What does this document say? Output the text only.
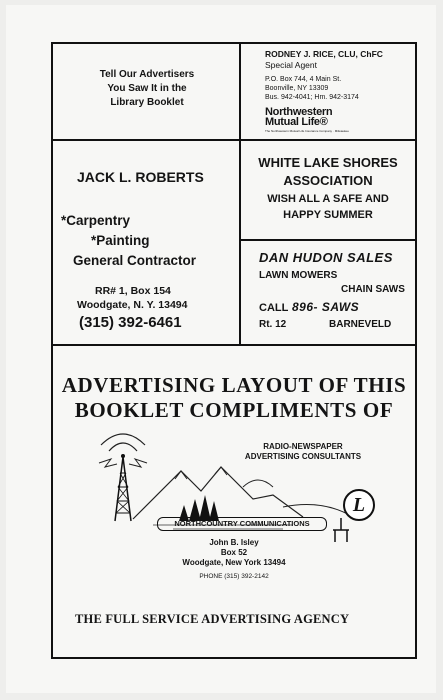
Tell Our Advertisers
You Saw It in the
Library Booklet
RODNEY J. RICE, CLU, ChFC
Special Agent
P.O. Box 744, 4 Main St.
Boonville, NY 13309
Bus. 942-4041; Hm. 942-3174
Northwestern
Mutual Life®
The Northwestern Mutual Life Insurance Company · Milwaukee
JACK L. ROBERTS
*Carpentry
*Painting
General Contractor
RR# 1, Box 154
Woodgate, N. Y. 13494
(315) 392-6461
WHITE LAKE SHORES
ASSOCIATION
WISH ALL A SAFE AND
HAPPY SUMMER
DAN HUDON SALES
LAWN MOWERS
CHAIN SAWS
CALL 896- SAWS
Rt. 12	BARNEVELD
ADVERTISING LAYOUT OF THIS
BOOKLET COMPLIMENTS OF
RADIO-NEWSPAPER
ADVERTISING CONSULTANTS
NORTHCOUNTRY COMMUNICATIONS
L
John B. Isley
Box 52
Woodgate, New York 13494
PHONE (315) 392-2142
THE FULL SERVICE ADVERTISING AGENCY
